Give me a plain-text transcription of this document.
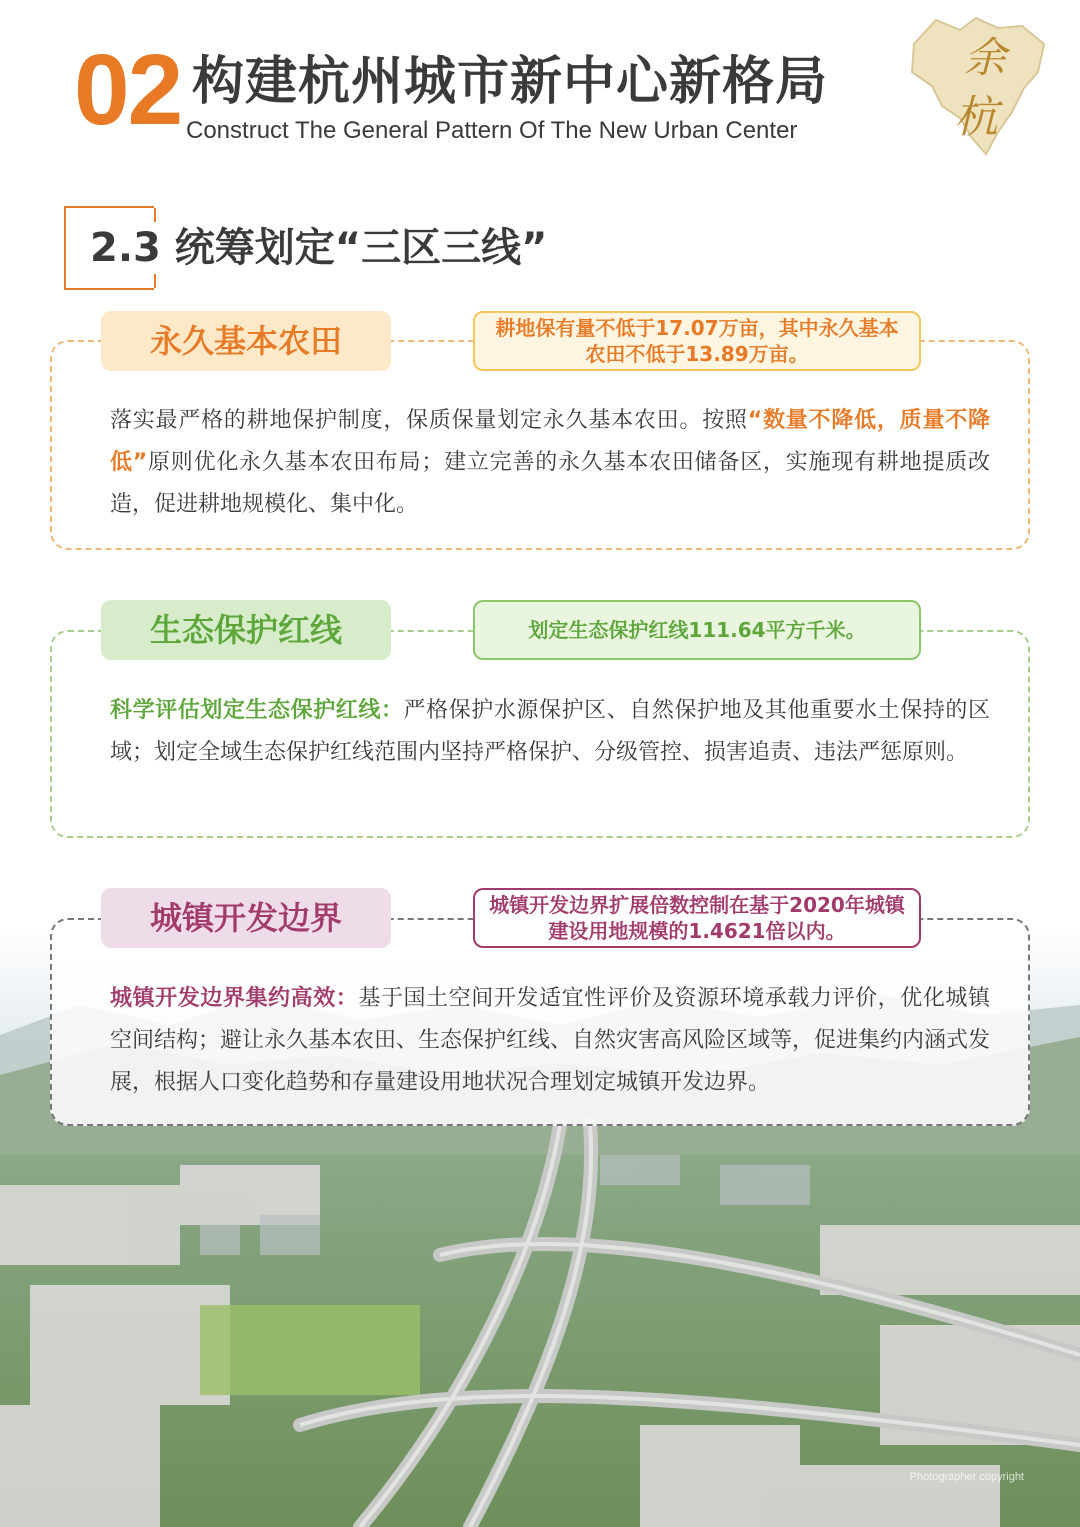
02 构建杭州城市新中心新格局
Construct The General Pattern Of The New Urban Center
余
杭
2.3 统筹划定“三区三线”
Photographer copyright
永久基本农田	耕地保有量不低于17.07万亩，其中永久基本农田不低于13.89万亩。
落实最严格的耕地保护制度，保质保量划定永久基本农田。按照“数量不降低，质量不降低”原则优化永久基本农田布局；建立完善的永久基本农田储备区，实施现有耕地提质改造，促进耕地规模化、集中化。
生态保护红线	划定生态保护红线111.64平方千米。
科学评估划定生态保护红线：严格保护水源保护区、自然保护地及其他重要水土保持的区域；划定全域生态保护红线范围内坚持严格保护、分级管控、损害追责、违法严惩原则。
城镇开发边界	城镇开发边界扩展倍数控制在基于2020年城镇建设用地规模的1.4621倍以内。
城镇开发边界集约高效：基于国土空间开发适宜性评价及资源环境承载力评价，优化城镇空间结构；避让永久基本农田、生态保护红线、自然灾害高风险区域等，促进集约内涵式发展，根据人口变化趋势和存量建设用地状况合理划定城镇开发边界。
